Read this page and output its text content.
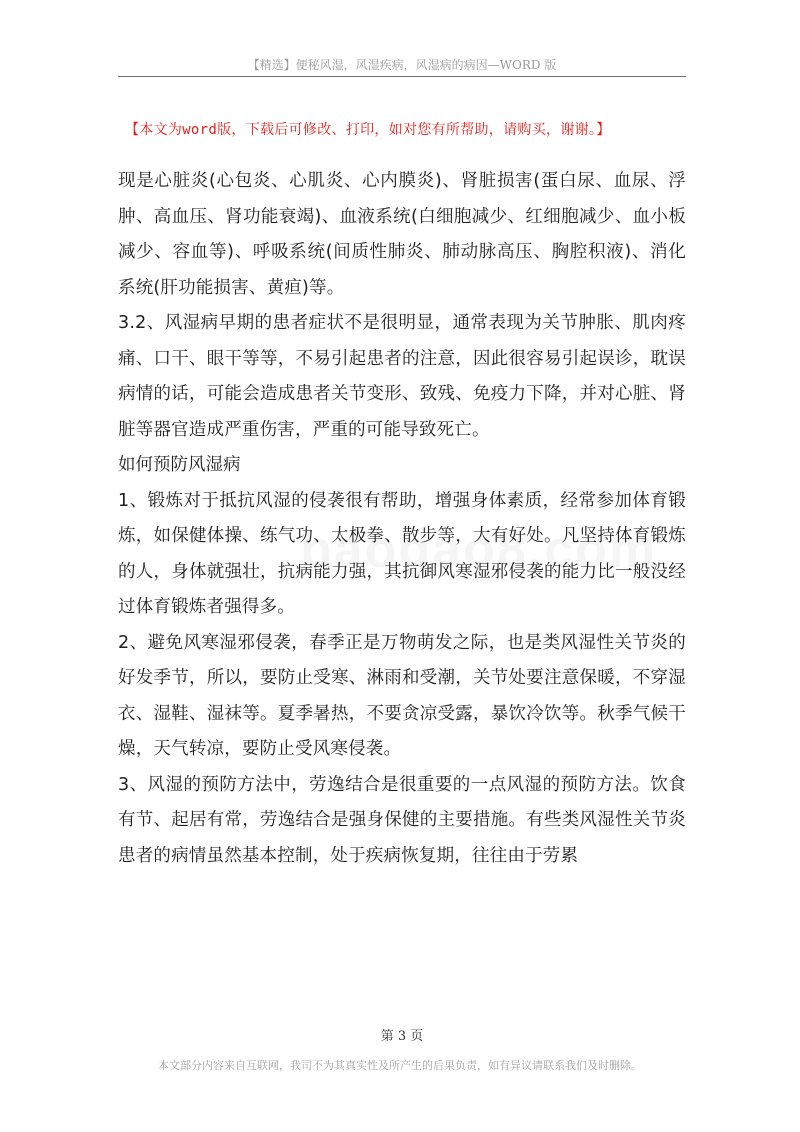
【精选】便秘风湿，风湿疾病，风湿病的病因—WORD 版
【本文为word版，下载后可修改、打印，如对您有所帮助，请购买，谢谢。】

现是心脏炎(心包炎、心肌炎、心内膜炎)、肾脏损害(蛋白尿、血尿、浮肿、高血压、肾功能衰竭)、血液系统(白细胞减少、红细胞减少、血小板减少、容血等)、呼吸系统(间质性肺炎、肺动脉高压、胸腔积液)、消化系统(肝功能损害、黄疸)等。

3.2、风湿病早期的患者症状不是很明显，通常表现为关节肿胀、肌肉疼痛、口干、眼干等等，不易引起患者的注意，因此很容易引起误诊，耽误病情的话，可能会造成患者关节变形、致残、免疫力下降，并对心脏、肾脏等器官造成严重伤害，严重的可能导致死亡。

如何预防风湿病

1、锻炼对于抵抗风湿的侵袭很有帮助，增强身体素质，经常参加体育锻炼，如保健体操、练气功、太极拳、散步等，大有好处。凡坚持体育锻炼的人，身体就强壮，抗病能力强，其抗御风寒湿邪侵袭的能力比一般没经过体育锻炼者强得多。

2、避免风寒湿邪侵袭，春季正是万物萌发之际，也是类风湿性关节炎的好发季节，所以，要防止受寒、淋雨和受潮，关节处要注意保暖，不穿湿衣、湿鞋、湿袜等。夏季暑热，不要贪凉受露，暴饮冷饮等。秋季气候干燥，天气转凉，要防止受风寒侵袭。

3、风湿的预防方法中，劳逸结合是很重要的一点风湿的预防方法。饮食有节、起居有常，劳逸结合是强身保健的主要措施。有些类风湿性关节炎患者的病情虽然基本控制，处于疾病恢复期，往往由于劳累

第 3 页
本文部分内容来自互联网，我司不为其真实性及所产生的后果负责，如有异议请联系我们及时删除。
